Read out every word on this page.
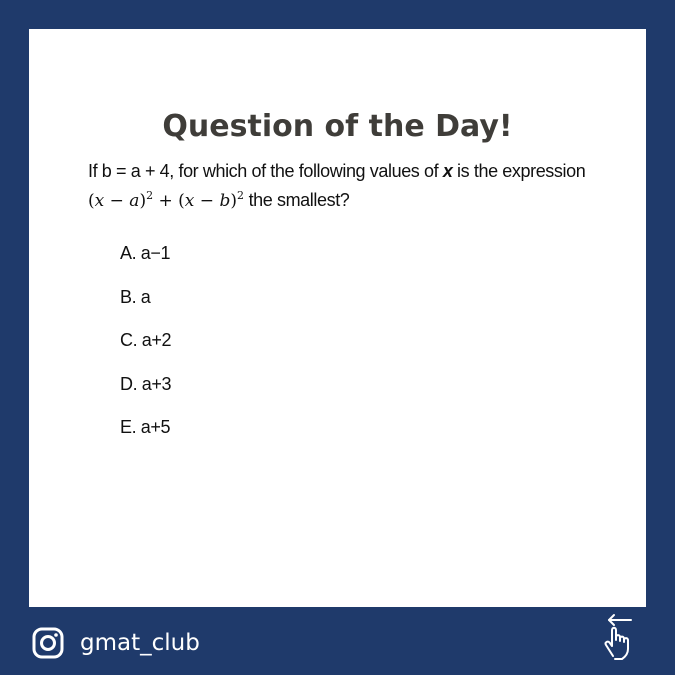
Question of the Day!
If b = a + 4, for which of the following values of x is the expression
$(x - a)^2 + (x - b)^2$ the smallest?
A. a−1
B. a
C. a+2
D. a+3
E. a+5
gmat_club
